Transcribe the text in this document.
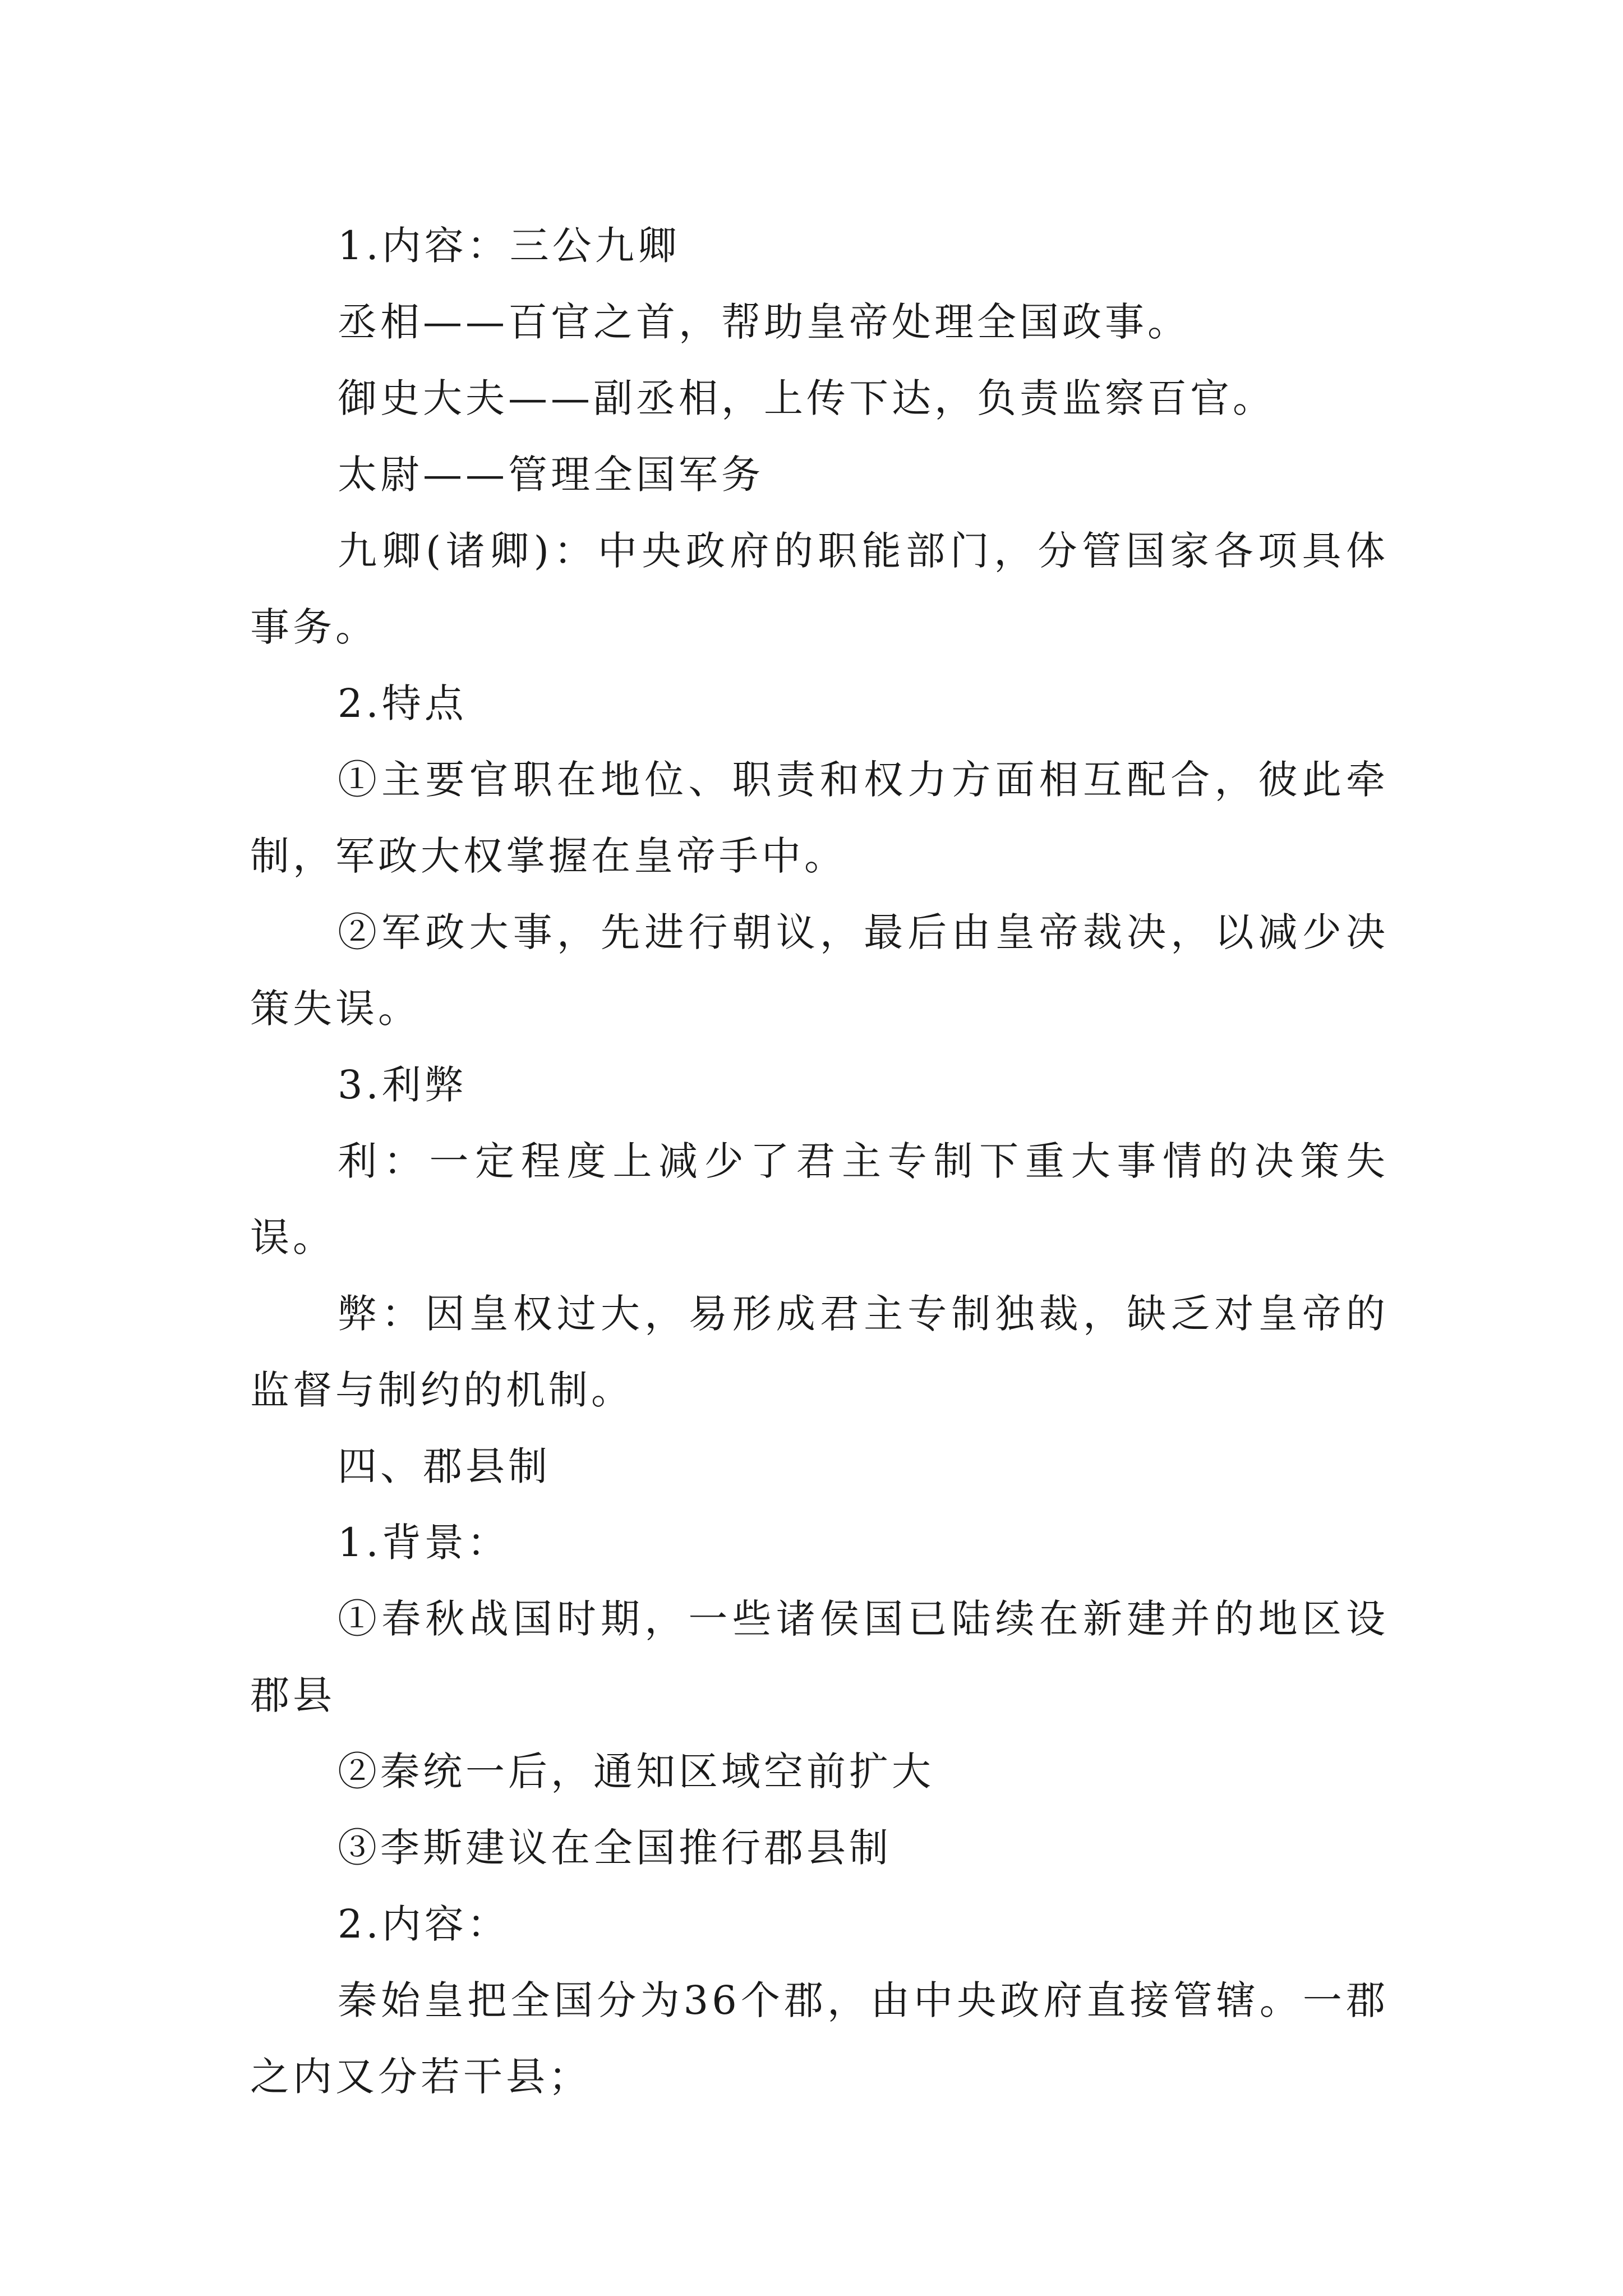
1.内容：三公九卿

丞相——百官之首，帮助皇帝处理全国政事。

御史大夫——副丞相，上传下达，负责监察百官。

太尉——管理全国军务

九卿(诸卿)：中央政府的职能部门，分管国家各项具体事务。

2.特点

①主要官职在地位、职责和权力方面相互配合，彼此牵制，军政大权掌握在皇帝手中。

②军政大事，先进行朝议，最后由皇帝裁决，以减少决策失误。

3.利弊

利：一定程度上减少了君主专制下重大事情的决策失误。

弊：因皇权过大，易形成君主专制独裁，缺乏对皇帝的监督与制约的机制。

四、郡县制

1.背景：

①春秋战国时期，一些诸侯国已陆续在新建并的地区设郡县

②秦统一后，通知区域空前扩大

③李斯建议在全国推行郡县制

2.内容：

秦始皇把全国分为36个郡，由中央政府直接管辖。一郡之内又分若干县；
